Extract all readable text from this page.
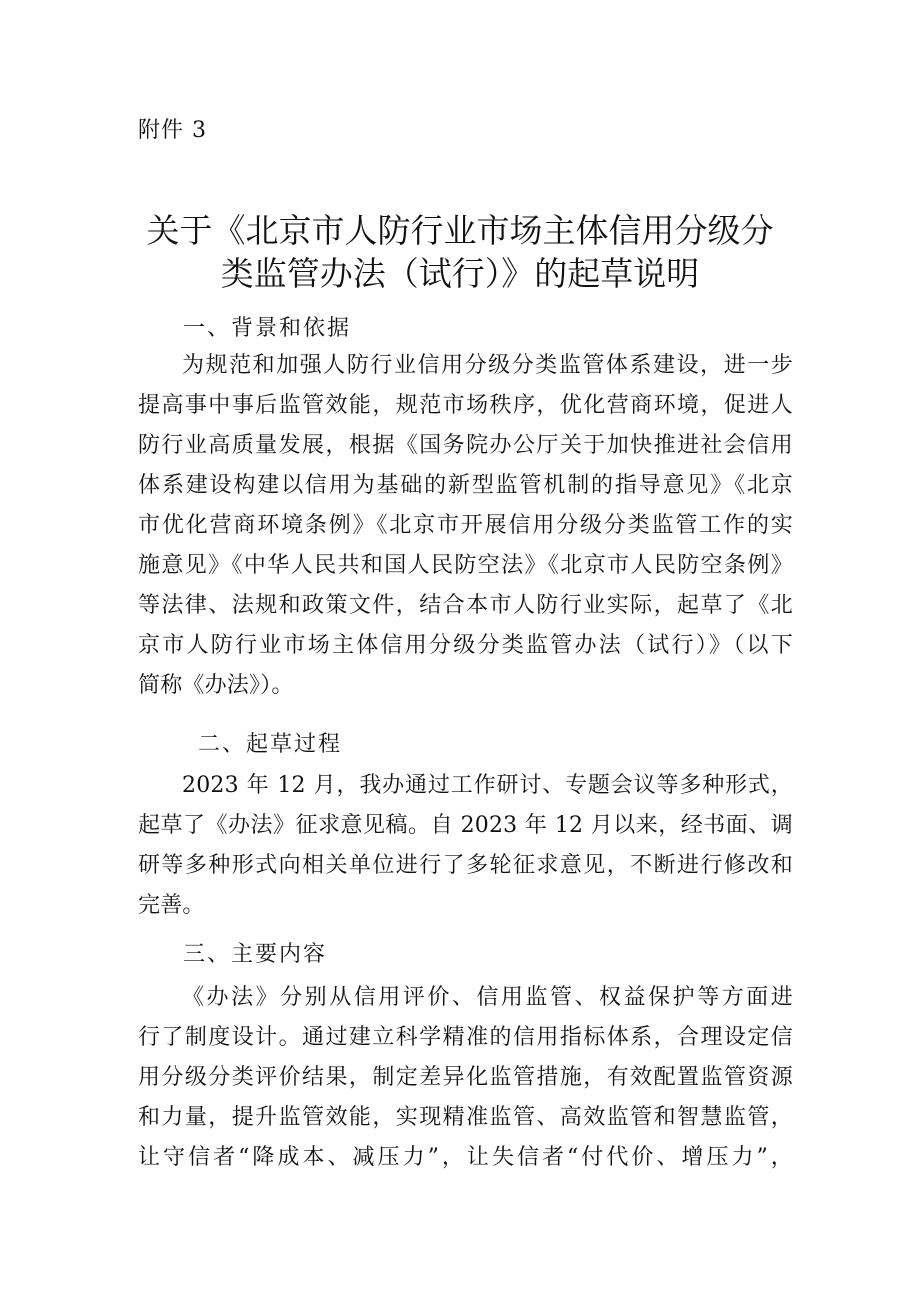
附件 3
关于《北京市人防行业市场主体信用分级分
类监管办法（试行）》的起草说明
一、背景和依据
为规范和加强人防行业信用分级分类监管体系建设，进一步
提高事中事后监管效能，规范市场秩序，优化营商环境，促进人
防行业高质量发展，根据《国务院办公厅关于加快推进社会信用
体系建设构建以信用为基础的新型监管机制的指导意见》《北京
市优化营商环境条例》《北京市开展信用分级分类监管工作的实
施意见》《中华人民共和国人民防空法》《北京市人民防空条例》
等法律、法规和政策文件，结合本市人防行业实际，起草了《北
京市人防行业市场主体信用分级分类监管办法（试行）》（以下
简称《办法》）。
二、起草过程
2023 年 12 月，我办通过工作研讨、专题会议等多种形式，
起草了《办法》征求意见稿。自 2023 年 12 月以来，经书面、调
研等多种形式向相关单位进行了多轮征求意见，不断进行修改和
完善。
三、主要内容
《办法》分别从信用评价、信用监管、权益保护等方面进
行了制度设计。通过建立科学精准的信用指标体系，合理设定信
用分级分类评价结果，制定差异化监管措施，有效配置监管资源
和力量，提升监管效能，实现精准监管、高效监管和智慧监管，
让守信者“降成本、减压力”，让失信者“付代价、增压力”，
